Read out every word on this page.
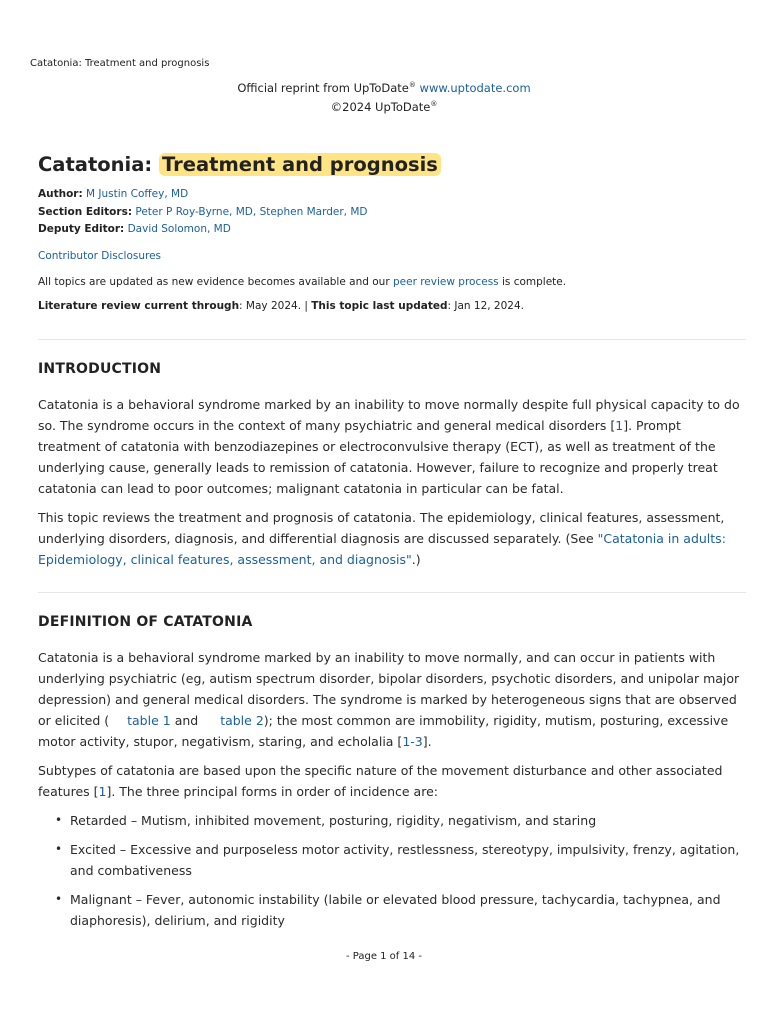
Catatonia: Treatment and prognosis
Official reprint from UpToDate® www.uptodate.com
©2024 UpToDate®
Catatonia: Treatment and prognosis
Author: M Justin Coffey, MD
Section Editors: Peter P Roy-Byrne, MD, Stephen Marder, MD
Deputy Editor: David Solomon, MD
Contributor Disclosures
All topics are updated as new evidence becomes available and our peer review process is complete.
Literature review current through: May 2024. | This topic last updated: Jan 12, 2024.
INTRODUCTION

Catatonia is a behavioral syndrome marked by an inability to move normally despite full physical capacity to do so. The syndrome occurs in the context of many psychiatric and general medical disorders [1]. Prompt treatment of catatonia with benzodiazepines or electroconvulsive therapy (ECT), as well as treatment of the underlying cause, generally leads to remission of catatonia. However, failure to recognize and properly treat catatonia can lead to poor outcomes; malignant catatonia in particular can be fatal.

This topic reviews the treatment and prognosis of catatonia. The epidemiology, clinical features, assessment, underlying disorders, diagnosis, and differential diagnosis are discussed separately. (See "Catatonia in adults: Epidemiology, clinical features, assessment, and diagnosis".)

DEFINITION OF CATATONIA

Catatonia is a behavioral syndrome marked by an inability to move normally, and can occur in patients with underlying psychiatric (eg, autism spectrum disorder, bipolar disorders, psychotic disorders, and unipolar major depression) and general medical disorders. The syndrome is marked by heterogeneous signs that are observed or elicited ( table 1 and table 2); the most common are immobility, rigidity, mutism, posturing, excessive motor activity, stupor, negativism, staring, and echolalia [1-3].

Subtypes of catatonia are based upon the specific nature of the movement disturbance and other associated features [1]. The three principal forms in order of incidence are:

• Retarded – Mutism, inhibited movement, posturing, rigidity, negativism, and staring
• Excited – Excessive and purposeless motor activity, restlessness, stereotypy, impulsivity, frenzy, agitation, and combativeness
• Malignant – Fever, autonomic instability (labile or elevated blood pressure, tachycardia, tachypnea, and diaphoresis), delirium, and rigidity
- Page 1 of 14 -
